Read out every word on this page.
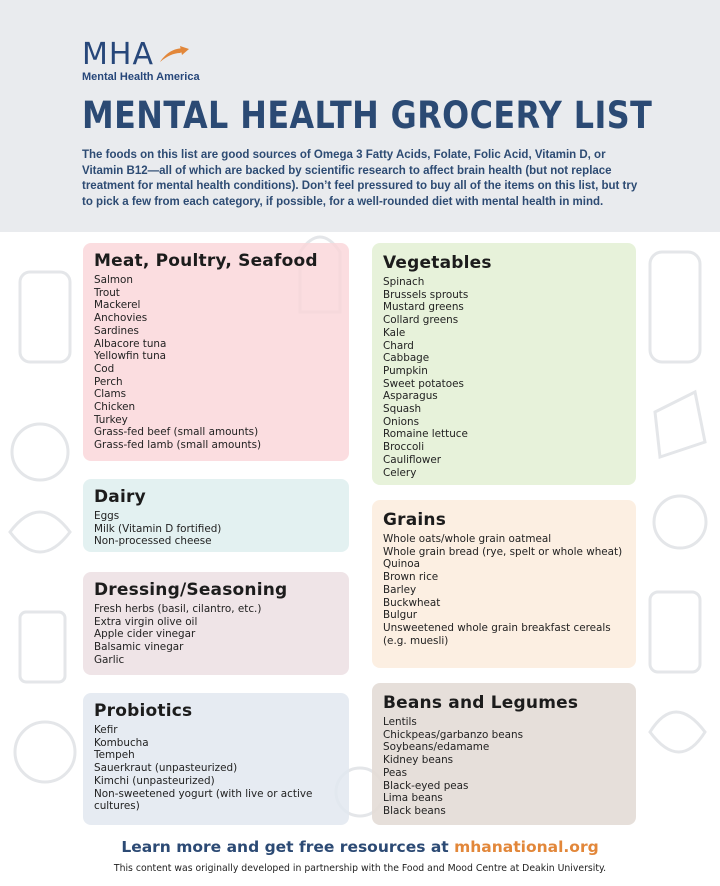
MHA
Mental Health America
MENTAL HEALTH GROCERY LIST

The foods on this list are good sources of Omega 3 Fatty Acids, Folate, Folic Acid, Vitamin D, or Vitamin B12—all of which are backed by scientific research to affect brain health (but not replace treatment for mental health conditions). Don’t feel pressured to buy all of the items on this list, but try to pick a few from each category, if possible, for a well-rounded diet with mental health in mind.

Meat, Poultry, Seafood
Salmon
Trout
Mackerel
Anchovies
Sardines
Albacore tuna
Yellowfin tuna
Cod
Perch
Clams
Chicken
Turkey
Grass-fed beef (small amounts)
Grass-fed lamb (small amounts)
Vegetables
Spinach
Brussels sprouts
Mustard greens
Collard greens
Kale
Chard
Cabbage
Pumpkin
Sweet potatoes
Asparagus
Squash
Onions
Romaine lettuce
Broccoli
Cauliflower
Celery
Dairy
Eggs
Milk (Vitamin D fortified)
Non-processed cheese
Grains
Whole oats/whole grain oatmeal
Whole grain bread (rye, spelt or whole wheat)
Quinoa
Brown rice
Barley
Buckwheat
Bulgur
Unsweetened whole grain breakfast cereals (e.g. muesli)
Dressing/Seasoning
Fresh herbs (basil, cilantro, etc.)
Extra virgin olive oil
Apple cider vinegar
Balsamic vinegar
Garlic
Probiotics
Kefir
Kombucha
Tempeh
Sauerkraut (unpasteurized)
Kimchi (unpasteurized)
Non-sweetened yogurt (with live or active cultures)
Beans and Legumes
Lentils
Chickpeas/garbanzo beans
Soybeans/edamame
Kidney beans
Peas
Black-eyed peas
Lima beans
Black beans
Learn more and get free resources at mhanational.org
This content was originally developed in partnership with the Food and Mood Centre at Deakin University.
